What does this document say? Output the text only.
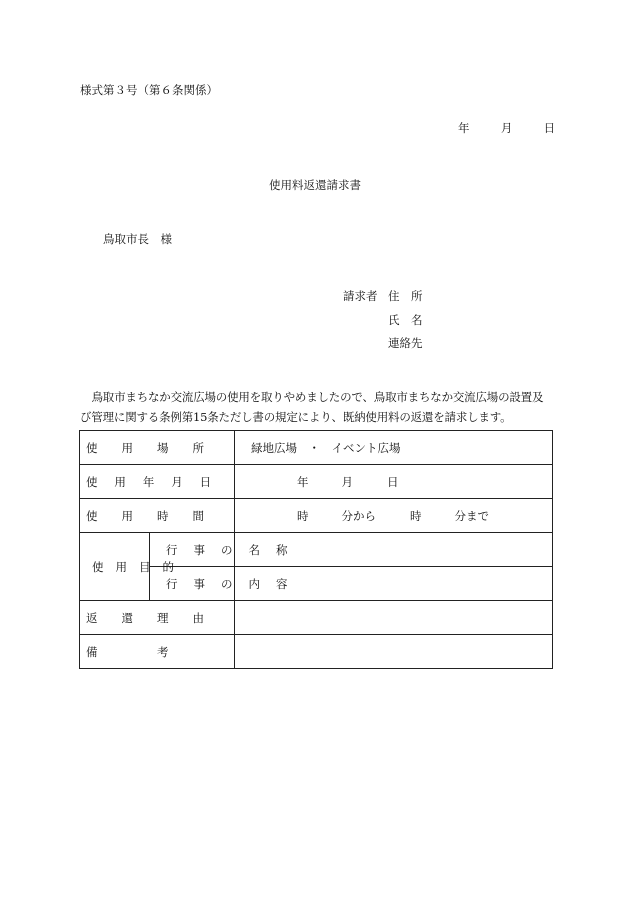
様式第３号（第６条関係）
年	月	日
使用料返還請求書
鳥取市長　様
請求者 住　所
氏　名
連絡先
鳥取市まちなか交流広場の使用を取りやめましたので、鳥取市まちなか交流広場の設置及び管理に関する条例第15条ただし書の規定により、既納使用料の返還を請求します。
使 用 場 所		緑地広場　・　イベント広場

使 用 年 月 日		年 月 日

使 用 時 間		時 分から 時 分まで

使 用 目 的	行 事 の 名 称	

	行 事 の 内 容	

返 還 理 由		

備 考		
